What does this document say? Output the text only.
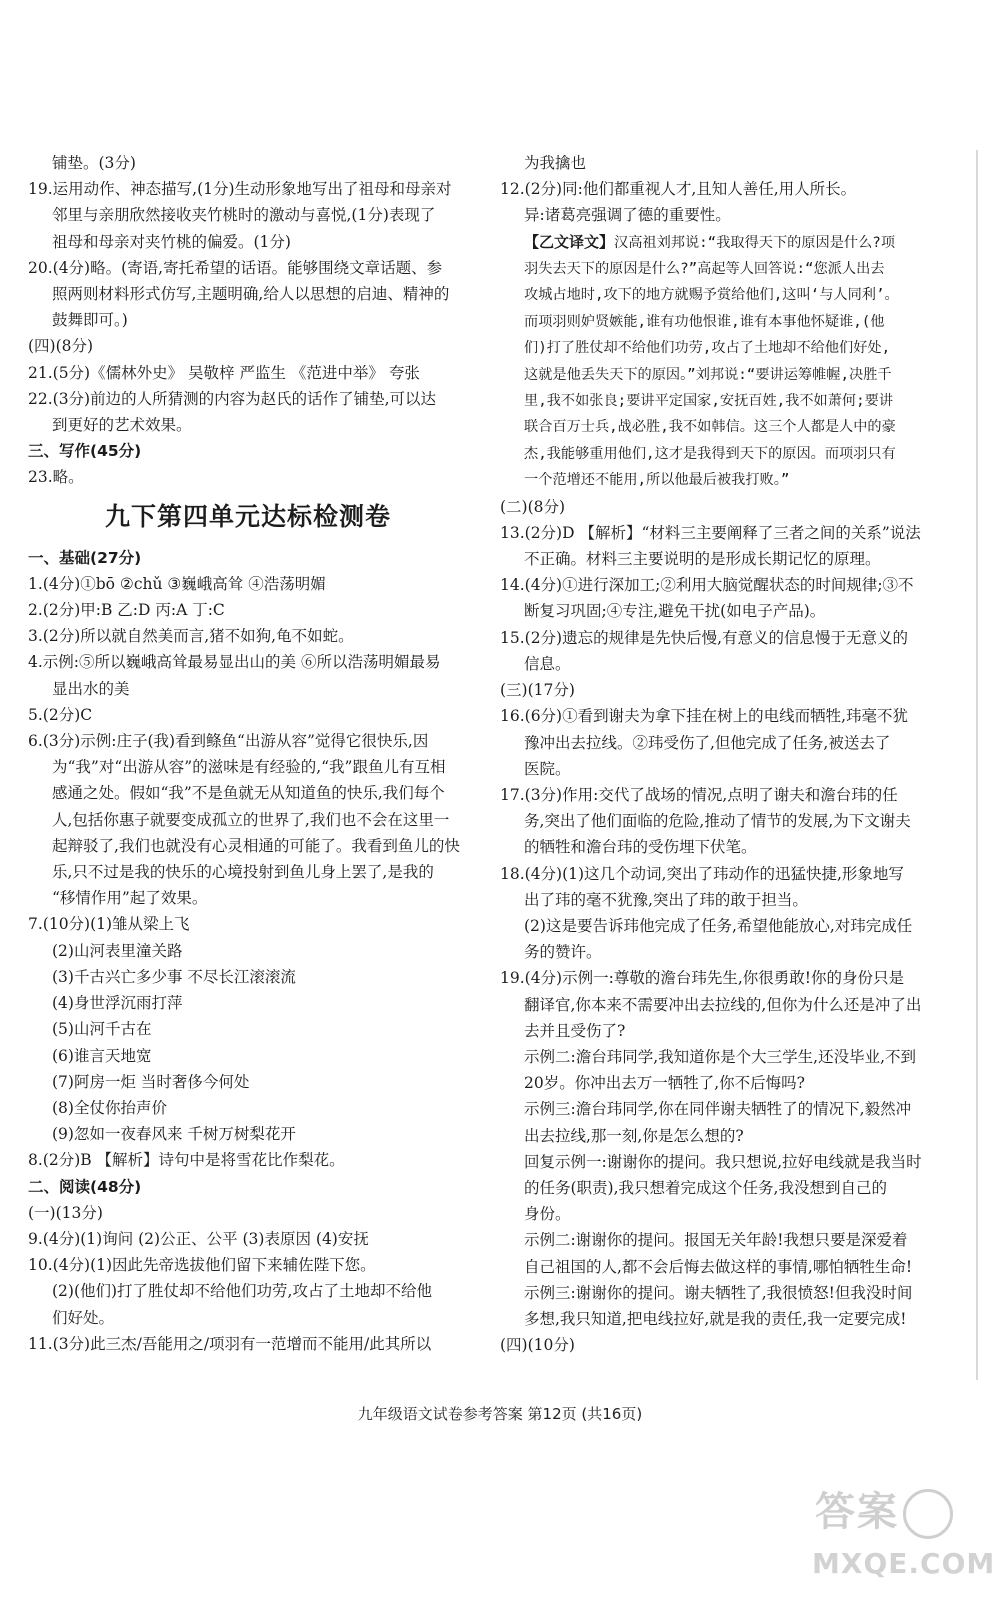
铺垫。(3分)
19.运用动作、神态描写,(1分)生动形象地写出了祖母和母亲对
邻里与亲朋欣然接收夹竹桃时的激动与喜悦,(1分)表现了
祖母和母亲对夹竹桃的偏爱。(1分)
20.(4分)略。(寄语,寄托希望的话语。能够围绕文章话题、参
照两则材料形式仿写,主题明确,给人以思想的启迪、精神的
鼓舞即可。)
(四)(8分)
21.(5分)《儒林外史》 吴敬梓 严监生 《范进中举》 夸张
22.(3分)前边的人所猜测的内容为赵氏的话作了铺垫,可以达
到更好的艺术效果。
三、写作(45分)
23.略。
九下第四单元达标检测卷
一、基础(27分)
1.(4分)①bō ②chǔ ③巍峨高耸 ④浩荡明媚
2.(2分)甲:B 乙:D 丙:A 丁:C
3.(2分)所以就自然美而言,猪不如狗,龟不如蛇。
4.示例:⑤所以巍峨高耸最易显出山的美 ⑥所以浩荡明媚最易
显出水的美
5.(2分)C
6.(3分)示例:庄子(我)看到鲦鱼“出游从容”觉得它很快乐,因
为“我”对“出游从容”的滋味是有经验的,“我”跟鱼儿有互相
感通之处。假如“我”不是鱼就无从知道鱼的快乐,我们每个
人,包括你惠子就要变成孤立的世界了,我们也不会在这里一
起辩驳了,我们也就没有心灵相通的可能了。我看到鱼儿的快
乐,只不过是我的快乐的心境投射到鱼儿身上罢了,是我的
“移情作用”起了效果。
7.(10分)(1)雏从梁上飞
(2)山河表里潼关路
(3)千古兴亡多少事 不尽长江滚滚流
(4)身世浮沉雨打萍
(5)山河千古在
(6)谁言天地宽
(7)阿房一炬 当时奢侈今何处
(8)全仗你抬声价
(9)忽如一夜春风来 千树万树梨花开
8.(2分)B 【解析】诗句中是将雪花比作梨花。
二、阅读(48分)
(一)(13分)
9.(4分)(1)询问 (2)公正、公平 (3)表原因 (4)安抚
10.(4分)(1)因此先帝选拔他们留下来辅佐陛下您。
(2)(他们)打了胜仗却不给他们功劳,攻占了土地却不给他
们好处。
11.(3分)此三杰/吾能用之/项羽有一范增而不能用/此其所以
为我擒也
12.(2分)同:他们都重视人才,且知人善任,用人所长。
异:诸葛亮强调了德的重要性。
【乙文译文】汉高祖刘邦说:“我取得天下的原因是什么?项
羽失去天下的原因是什么?”高起等人回答说:“您派人出去
攻城占地时,攻下的地方就赐予赏给他们,这叫‘与人同利’。
而项羽则妒贤嫉能,谁有功他恨谁,谁有本事他怀疑谁,(他
们)打了胜仗却不给他们功劳,攻占了土地却不给他们好处,
这就是他丢失天下的原因。”刘邦说:“要讲运筹帷幄,决胜千
里,我不如张良;要讲平定国家,安抚百姓,我不如萧何;要讲
联合百万士兵,战必胜,我不如韩信。这三个人都是人中的豪
杰,我能够重用他们,这才是我得到天下的原因。而项羽只有
一个范增还不能用,所以他最后被我打败。”
(二)(8分)
13.(2分)D 【解析】“材料三主要阐释了三者之间的关系”说法
不正确。材料三主要说明的是形成长期记忆的原理。
14.(4分)①进行深加工;②利用大脑觉醒状态的时间规律;③不
断复习巩固;④专注,避免干扰(如电子产品)。
15.(2分)遗忘的规律是先快后慢,有意义的信息慢于无意义的
信息。
(三)(17分)
16.(6分)①看到谢夫为拿下挂在树上的电线而牺牲,玮毫不犹
豫冲出去拉线。②玮受伤了,但他完成了任务,被送去了
医院。
17.(3分)作用:交代了战场的情况,点明了谢夫和澹台玮的任
务,突出了他们面临的危险,推动了情节的发展,为下文谢夫
的牺牲和澹台玮的受伤埋下伏笔。
18.(4分)(1)这几个动词,突出了玮动作的迅猛快捷,形象地写
出了玮的毫不犹豫,突出了玮的敢于担当。
(2)这是要告诉玮他完成了任务,希望他能放心,对玮完成任
务的赞许。
19.(4分)示例一:尊敬的澹台玮先生,你很勇敢!你的身份只是
翻译官,你本来不需要冲出去拉线的,但你为什么还是冲了出
去并且受伤了?
示例二:澹台玮同学,我知道你是个大三学生,还没毕业,不到
20岁。你冲出去万一牺牲了,你不后悔吗?
示例三:澹台玮同学,你在同伴谢夫牺牲了的情况下,毅然冲
出去拉线,那一刻,你是怎么想的?
回复示例一:谢谢你的提问。我只想说,拉好电线就是我当时
的任务(职责),我只想着完成这个任务,我没想到自己的
身份。
示例二:谢谢你的提问。报国无关年龄!我想只要是深爱着
自己祖国的人,都不会后悔去做这样的事情,哪怕牺牲生命!
示例三:谢谢你的提问。谢夫牺牲了,我很愤怒!但我没时间
多想,我只知道,把电线拉好,就是我的责任,我一定要完成!
(四)(10分)
九年级语文试卷参考答案 第12页 (共16页)
答案
MXQE.COM
